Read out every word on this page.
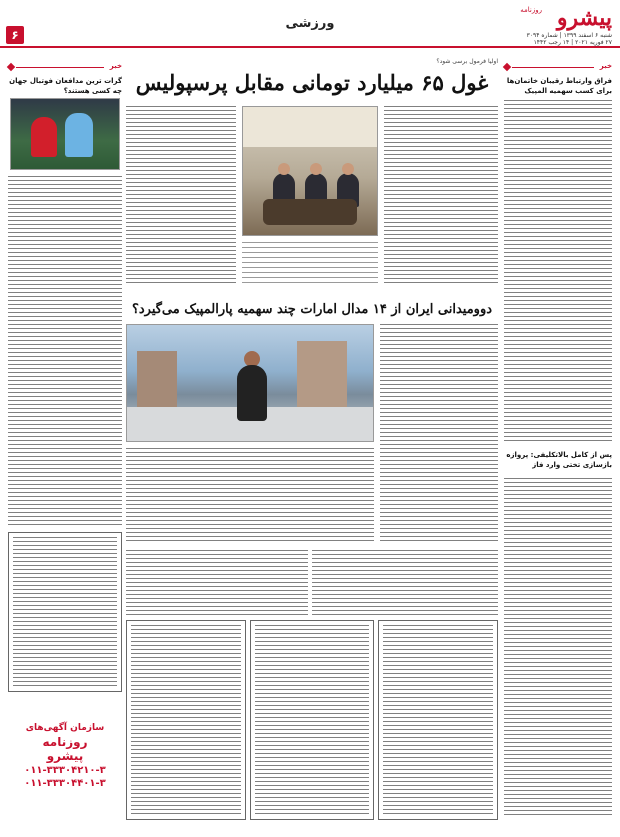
۶
ورزشی	پیشرو
روزنامه
شنبه ۶ اسفند ۱۳۹۹ | شماره ۳۰۹۴
۲۷ فوریه ۲۰۲۱ | ۱۴ رجب ۱۴۴۲
خبر
خبر
فراق وارتباط رقیبان خاتمان‌ها برای کسب سهمیه المپیک
پس از کامل بالاتکلیفی: پروازه بازسازی تختی وارد فاز
اولیا فرمول برسی شود؟
غول ۶۵ میلیارد تومانی مقابل پرسپولیس
دوومیدانی ایران از ۱۴ مدال امارات چند سهمیه پارالمپیک می‌گیرد؟
گرات ترین مدافعان فوتبال جهان چه کسی هستند؟
سازمان آگهی‌های
روزنامه
پیشرو
۰۱۱-۳۳۳۰۴۲۱۰-۳
۰۱۱-۳۳۳۰۴۴۰۱-۳
